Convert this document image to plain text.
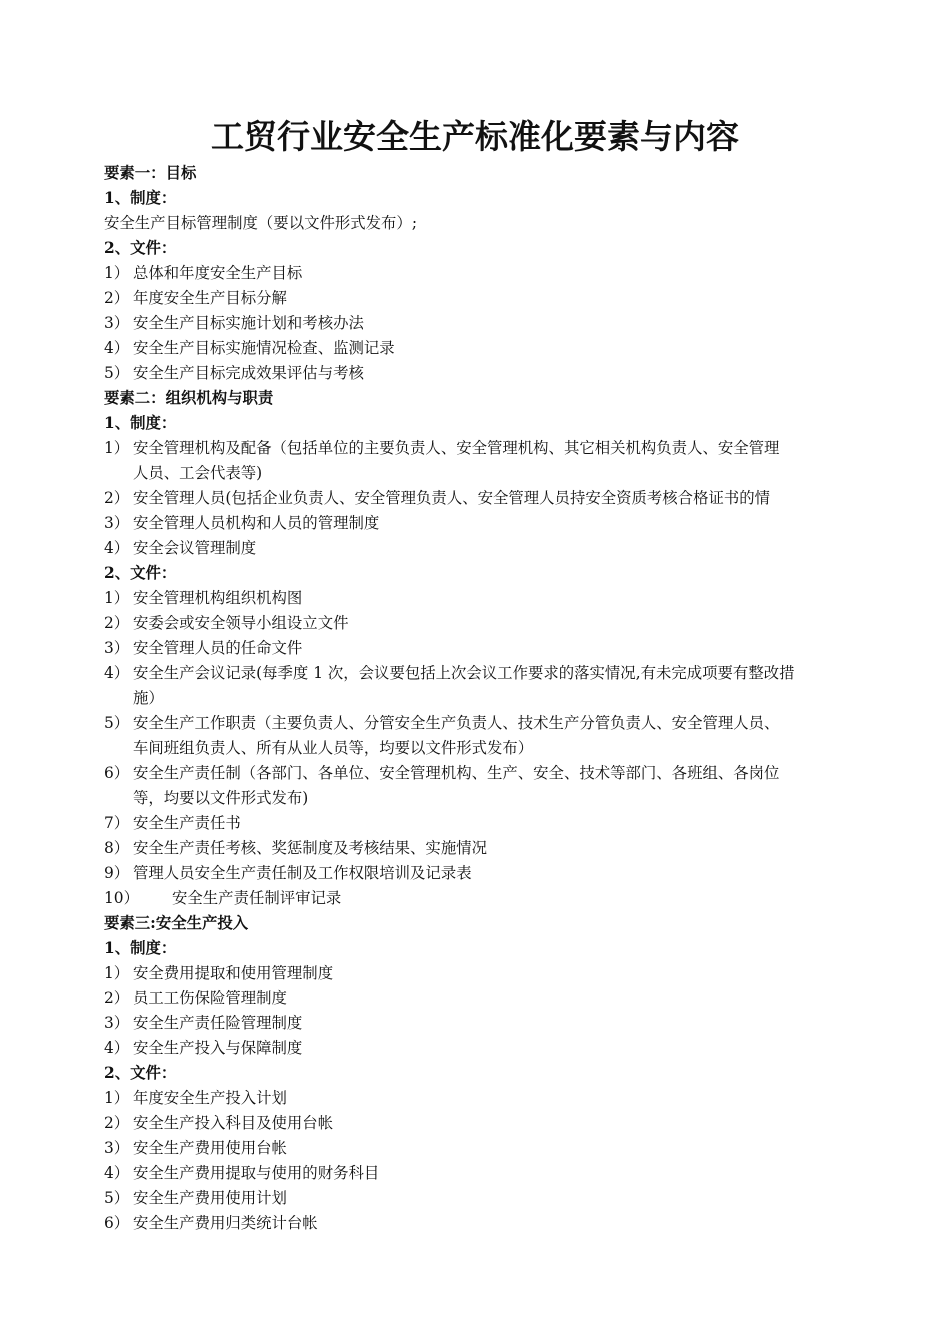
工贸行业安全生产标准化要素与内容
要素一：目标
1、制度：
安全生产目标管理制度（要以文件形式发布）;
2、文件：
1） 总体和年度安全生产目标
2） 年度安全生产目标分解
3） 安全生产目标实施计划和考核办法
4） 安全生产目标实施情况检查、监测记录
5） 安全生产目标完成效果评估与考核
要素二：组织机构与职责
1、制度：
1） 安全管理机构及配备（包括单位的主要负责人、安全管理机构、其它相关机构负责人、安全管理
人员、工会代表等)
2） 安全管理人员(包括企业负责人、安全管理负责人、安全管理人员持安全资质考核合格证书的情
3） 安全管理人员机构和人员的管理制度
4） 安全会议管理制度
2、文件：
1） 安全管理机构组织机构图
2） 安委会或安全领导小组设立文件
3） 安全管理人员的任命文件
4） 安全生产会议记录(每季度 1 次，会议要包括上次会议工作要求的落实情况,有未完成项要有整改措
施）
5） 安全生产工作职责（主要负责人、分管安全生产负责人、技术生产分管负责人、安全管理人员、
车间班组负责人、所有从业人员等，均要以文件形式发布）
6） 安全生产责任制（各部门、各单位、安全管理机构、生产、安全、技术等部门、各班组、各岗位
等，均要以文件形式发布)
7） 安全生产责任书
8） 安全生产责任考核、奖惩制度及考核结果、实施情况
9） 管理人员安全生产责任制及工作权限培训及记录表
10）	安全生产责任制评审记录
要素三:安全生产投入
1、制度：
1） 安全费用提取和使用管理制度
2） 员工工伤保险管理制度
3） 安全生产责任险管理制度
4） 安全生产投入与保障制度
2、文件：
1） 年度安全生产投入计划
2） 安全生产投入科目及使用台帐
3） 安全生产费用使用台帐
4） 安全生产费用提取与使用的财务科目
5） 安全生产费用使用计划
6） 安全生产费用归类统计台帐
